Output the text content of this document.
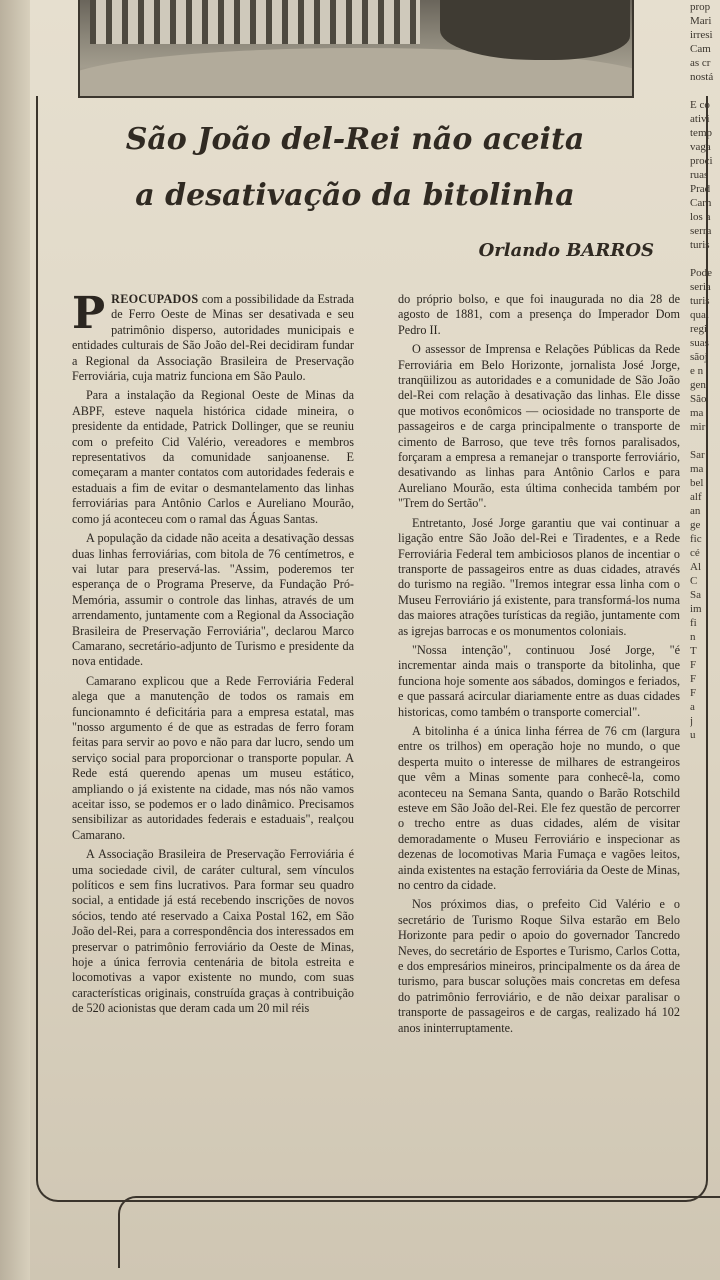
prop
Mari
irresi
Cam
as cr
nostá

E co
ativi
temp
vaga
proci
ruas
Prad
Carn
los a
serra
turis

Pode
seria
turis
qual
regi
suas
sãoj
e n
gen
São
ma
mir

Sar
ma
bel
alf
an
ge
fic
cé
Al
C
Sa
im
fi
n
T
F
F
F
a
j
u
São João del-Rei não aceita
a desativação da bitolinha
Orlando BARROS

PREOCUPADOS com a possibilidade da Estrada de Ferro Oeste de Minas ser desativada e seu patrimônio disperso, autoridades municipais e entidades culturais de São João del-Rei decidiram fundar a Regional da Associação Brasileira de Preservação Ferroviária, cuja matriz funciona em São Paulo.

Para a instalação da Regional Oeste de Minas da ABPF, esteve naquela histórica cidade mineira, o presidente da entidade, Patrick Dollinger, que se reuniu com o prefeito Cid Valério, vereadores e membros representativos da comunidade sanjoanense. E começaram a manter contatos com autoridades federais e estaduais a fim de evitar o desmantelamento das linhas ferroviárias para Antônio Carlos e Aureliano Mourão, como já aconteceu com o ramal das Águas Santas.

A população da cidade não aceita a desativação dessas duas linhas ferroviárias, com bitola de 76 centímetros, e vai lutar para preservá-las. "Assim, poderemos ter esperança de o Programa Preserve, da Fundação Pró-Memória, assumir o controle das linhas, através de um arrendamento, juntamente com a Regional da Associação Brasileira de Preservação Ferroviária", declarou Marco Camarano, secretário-adjunto de Turismo e presidente da nova entidade.

Camarano explicou que a Rede Ferroviária Federal alega que a manutenção de todos os ramais em funcionamnto é deficitária para a empresa estatal, mas "nosso argumento é de que as estradas de ferro foram feitas para servir ao povo e não para dar lucro, sendo um serviço social para proporcionar o transporte popular. A Rede está querendo apenas um museu estático, ampliando o já existente na cidade, mas nós não vamos aceitar isso, se podemos er o lado dinâmico. Precisamos sensibilizar as autoridades federais e estaduais", realçou Camarano.

A Associação Brasileira de Preservação Ferroviária é uma sociedade civil, de caráter cultural, sem vínculos políticos e sem fins lucrativos. Para formar seu quadro social, a entidade já está recebendo inscrições de novos sócios, tendo até reservado a Caixa Postal 162, em São João del-Rei, para a correspondência dos interessados em preservar o patrimônio ferroviário da Oeste de Minas, hoje a única ferrovia centenária de bitola estreita e locomotivas a vapor existente no mundo, com suas características originais, construída graças à contribuição de 520 acionistas que deram cada um 20 mil réis

do próprio bolso, e que foi inaugurada no dia 28 de agosto de 1881, com a presença do Imperador Dom Pedro II.

O assessor de Imprensa e Relações Públicas da Rede Ferroviária em Belo Horizonte, jornalista José Jorge, tranqüilizou as autoridades e a comunidade de São João del-Rei com relação à desativação das linhas. Ele disse que motivos econômicos — ociosidade no transporte de passageiros e de carga principalmente o transporte de cimento de Barroso, que teve três fornos paralisados, forçaram a empresa a remanejar o transporte ferroviário, desativando as linhas para Antônio Carlos e para Aureliano Mourão, esta última conhecida também por "Trem do Sertão".

Entretanto, José Jorge garantiu que vai continuar a ligação entre São João del-Rei e Tiradentes, e a Rede Ferroviária Federal tem ambiciosos planos de incentiar o transporte de passageiros entre as duas cidades, através do turismo na região. "Iremos integrar essa linha com o Museu Ferroviário já existente, para transformá-los numa das maiores atrações turísticas da região, juntamente com as igrejas barrocas e os monumentos coloniais.

"Nossa intenção", continuou José Jorge, "é incrementar ainda mais o transporte da bitolinha, que funciona hoje somente aos sábados, domingos e feriados, e que passará acircular diariamente entre as duas cidades historicas, como também o transporte comercial".

A bitolinha é a única linha férrea de 76 cm (largura entre os trilhos) em operação hoje no mundo, o que desperta muito o interesse de milhares de estrangeiros que vêm a Minas somente para conhecê-la, como aconteceu na Semana Santa, quando o Barão Rotschild esteve em São João del-Rei. Ele fez questão de percorrer o trecho entre as duas cidades, além de visitar demoradamente o Museu Ferroviário e inspecionar as dezenas de locomotivas Maria Fumaça e vagões leitos, ainda existentes na estação ferroviária da Oeste de Minas, no centro da cidade.

Nos próximos dias, o prefeito Cid Valério e o secretário de Turismo Roque Silva estarão em Belo Horizonte para pedir o apoio do governador Tancredo Neves, do secretário de Esportes e Turismo, Carlos Cotta, e dos empresários mineiros, principalmente os da área de turismo, para buscar soluções mais concretas em defesa do patrimônio ferroviário, e de não deixar paralisar o transporte de passageiros e de cargas, realizado há 102 anos ininterruptamente.
